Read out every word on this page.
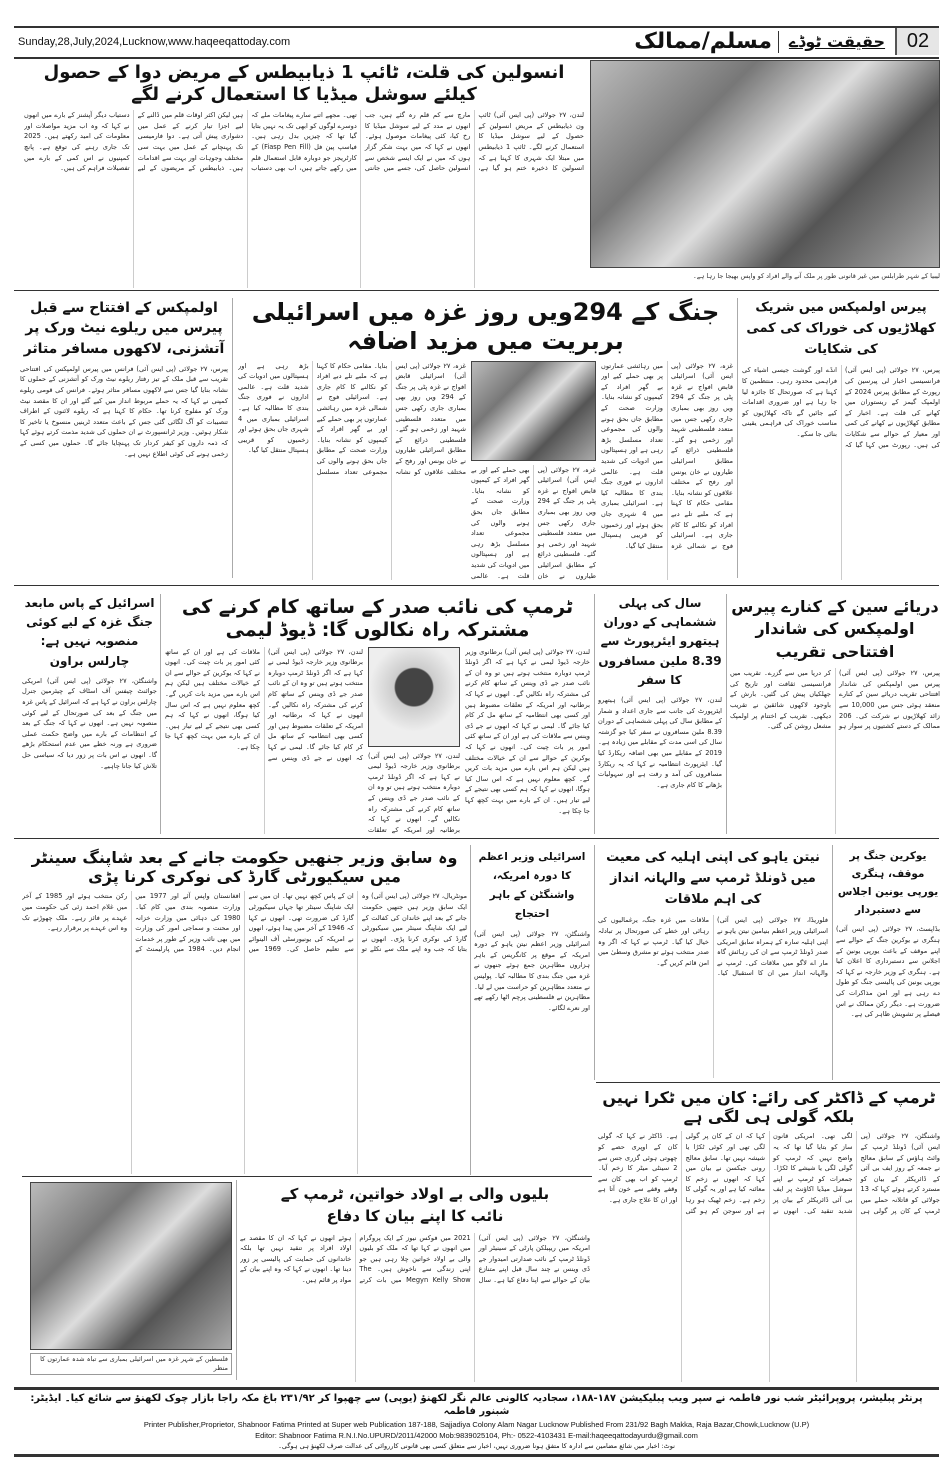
Sunday,28,July,2024,Lucknow,www.haqeeqattoday.com	مسلم/ممالک	حقیقت ٹوڈے	02
انسولین کی قلت، ٹائپ 1 ذیابیطس کے مریض دوا کے حصول کیلئے سوشل میڈیا کا استعمال کرنے لگے
لندن، ۲۷ جولائی (پی ایس آئی) ٹائپ ون ذیابیطس کے مریض انسولین کے حصول کے لیے سوشل میڈیا کا استعمال کرنے لگے۔ ٹائپ 1 ذیابیطس میں مبتلا ایک شہری کا کہنا ہے کہ انسولین کا ذخیرہ ختم ہو گیا ہے، مارچ سے کم قلم رہ گئے ہیں، جب انھوں نے مدد کے لیے سوشل میڈیا کا رخ کیا، کئی پیغامات موصول ہوئے۔ انھوں نے کہا کہ میں بہت شکر گزار ہوں کہ میں نے ایک ایسے شخص سے انسولین حاصل کی، جسے میں جانتی تھی۔ مجھے اتنے سارے پیغامات ملے کہ دوسرے لوگوں کو ابھی تک یہ نہیں بتایا گیا تھا کہ چیزیں بدل رہی ہیں۔ فیاسپ پین فل (Fiasp Pen Fill) کے کارٹریجز جو دوبارہ قابل استعمال قلم میں رکھے جاتے ہیں، اب بھی دستیاب ہیں لیکن اکثر اوقات قلم میں ڈالنے کے لیے اجزا تیار کرنے کے عمل میں دشواری پیش آتی ہے۔ دوا فارمیسی تک پہنچانے کے عمل میں بہت سی مختلف وجوہات اور بہت سے اقدامات ہیں۔ ذیابیطس کے مریضوں کے لیے دستیاب دیگر آپشنز کے بارے میں انھوں نے کہا کہ وہ اب مزید مواصلات اور معلومات کی امید رکھتے ہیں۔ 2025 تک جاری رہنے کی توقع ہے۔ پانچ کمپنیوں نے اس کمی کے بارے میں تفصیلات فراہم کی ہیں۔
لیبیا کے شہر طرابلس میں غیر قانونی طور پر ملک آنے والے افراد کو واپس بھیجا جا رہا ہے۔
اولمپکس کے افتتاح سے قبل پیرس میں ریلوے نیٹ ورک پر آتشزنی، لاکھوں مسافر متاثر
پیرس، ۲۷ جولائی (پی ایس آئی) فرانس میں پیرس اولمپکس کی افتتاحی تقریب سے قبل ملک کے تیز رفتار ریلوے نیٹ ورک کو آتشزنی کے حملوں کا نشانہ بنایا گیا جس سے لاکھوں مسافر متاثر ہوئے۔ فرانس کی قومی ریلوے کمپنی نے کہا کہ یہ حملے مربوط انداز میں کیے گئے اور ان کا مقصد نیٹ ورک کو مفلوج کرنا تھا۔ حکام کا کہنا ہے کہ ریلوے لائنوں کے اطراف تنصیبات کو آگ لگائی گئی جس کے باعث متعدد ٹرینیں منسوخ یا تاخیر کا شکار ہوئیں۔ وزیر ٹرانسپورٹ نے ان حملوں کی شدید مذمت کرتے ہوئے کہا کہ ذمہ داروں کو کیفر کردار تک پہنچایا جائے گا۔ حملوں میں کسی کے زخمی ہونے کی کوئی اطلاع نہیں ہے۔
جنگ کے 294ویں روز غزہ میں اسرائیلی بربریت میں مزید اضافہ
غزہ، ۲۷ جولائی (پی ایس آئی) اسرائیلی قابض افواج نے غزہ پٹی پر جنگ کے 294 ویں روز بھی بمباری جاری رکھی جس میں متعدد فلسطینی شہید اور زخمی ہو گئے۔ فلسطینی ذرائع کے مطابق اسرائیلی طیاروں نے خان یونس اور رفح کے مختلف علاقوں کو نشانہ بنایا۔ مقامی حکام کا کہنا ہے کہ ملبے تلے دبے افراد کو نکالنے کا کام جاری ہے۔ اسرائیلی فوج نے شمالی غزہ میں رہائشی عمارتوں پر بھی حملے کیے اور بے گھر افراد کے کیمپوں کو نشانہ بنایا۔ وزارت صحت کے مطابق جاں بحق ہونے والوں کی مجموعی تعداد مسلسل بڑھ رہی ہے اور ہسپتالوں میں ادویات کی شدید قلت ہے۔ عالمی اداروں نے فوری جنگ بندی کا مطالبہ کیا ہے۔ اسرائیلی بمباری میں 4 شہری جاں بحق ہوئے اور زخمیوں کو قریبی ہسپتال منتقل کیا گیا۔
غزہ، ۲۷ جولائی (پی ایس آئی) اسرائیلی قابض افواج نے غزہ پٹی پر جنگ کے 294 ویں روز بھی بمباری جاری رکھی جس میں متعدد فلسطینی شہید اور زخمی ہو گئے۔ فلسطینی ذرائع کے مطابق اسرائیلی طیاروں نے خان بھی حملے کیے اور بے گھر افراد کے کیمپوں کو نشانہ بنایا۔ وزارت صحت کے مطابق جاں بحق ہونے والوں کی مجموعی تعداد مسلسل بڑھ رہی ہے اور ہسپتالوں میں ادویات کی شدید قلت ہے۔ عالمی
غزہ، ۲۷ جولائی (پی ایس آئی) اسرائیلی قابض افواج نے غزہ پٹی پر جنگ کے 294 ویں روز بھی بمباری جاری رکھی جس میں متعدد فلسطینی شہید اور زخمی ہو گئے۔ فلسطینی ذرائع کے مطابق اسرائیلی طیاروں نے خان یونس اور رفح کے مختلف علاقوں کو نشانہ بنایا۔ مقامی حکام کا کہنا ہے کہ ملبے تلے دبے افراد کو نکالنے کا کام جاری ہے۔ اسرائیلی فوج نے شمالی غزہ میں رہائشی عمارتوں پر بھی حملے کیے اور بے گھر افراد کے کیمپوں کو نشانہ بنایا۔ وزارت صحت کے مطابق جاں بحق ہونے والوں کی مجموعی تعداد مسلسل بڑھ رہی ہے اور ہسپتالوں میں ادویات کی شدید قلت ہے۔ عالمی اداروں نے فوری جنگ بندی کا مطالبہ کیا ہے۔ اسرائیلی بمباری میں 4 شہری جاں بحق ہوئے اور زخمیوں کو قریبی ہسپتال منتقل کیا گیا۔
پیرس اولمپکس میں شریک کھلاڑیوں کی خوراک کی کمی کی شکایات
پیرس، ۲۷ جولائی (پی ایس آئی) فرانسیسی اخبار لی پیرسین کی رپورٹ کے مطابق پیرس 2024 کے اولمپک گیمز کے ریستوران میں کھانے کی قلت ہے۔ اخبار کے مطابق کھلاڑیوں نے کھانے کی کمی اور معیار کے حوالے سے شکایات کی ہیں۔ رپورٹ میں کہا گیا کہ انڈے اور گوشت جیسی اشیاء کی فراہمی محدود رہی۔ منتظمین کا کہنا ہے کہ صورتحال کا جائزہ لیا جا رہا ہے اور ضروری اقدامات کیے جائیں گے تاکہ کھلاڑیوں کو مناسب خوراک کی فراہمی یقینی بنائی جا سکے۔
اسرائیل کے پاس مابعد جنگ غزہ کے لیے کوئی منصوبہ نہیں ہے: چارلس براون
واشنگٹن، ۲۷ جولائی (پی ایس آئی) امریکی جوائنٹ چیفس آف اسٹاف کے چیئرمین جنرل چارلس براون نے کہا ہے کہ اسرائیل کے پاس غزہ میں جنگ کے بعد کی صورتحال کے لیے کوئی منصوبہ نہیں ہے۔ انھوں نے کہا کہ جنگ کے بعد کے انتظامات کے بارے میں واضح حکمت عملی ضروری ہے ورنہ خطے میں عدم استحکام بڑھے گا۔ انھوں نے اس بات پر زور دیا کہ سیاسی حل تلاش کیا جانا چاہیے۔
ٹرمپ کی نائب صدر کے ساتھ کام کرنے کی مشترکہ راہ نکالوں گا: ڈیوڈ لیمی
لندن، ۲۷ جولائی (پی ایس آئی) برطانوی وزیر خارجہ ڈیوڈ لیمی نے کہا ہے کہ اگر ڈونلڈ ٹرمپ دوبارہ منتخب ہوتے ہیں تو وہ ان کے نائب صدر جے ڈی وینس کے ساتھ کام کرنے کی مشترکہ راہ نکالیں گے۔ انھوں نے کہا کہ برطانیہ اور امریکہ کے تعلقات مضبوط ہیں اور کسی بھی انتظامیہ کے ساتھ مل کر کام کیا جائے گا۔ لیمی نے کہا کہ انھوں نے جے ڈی وینس سے ملاقات کی ہے اور ان کے ساتھ کئی امور پر بات چیت کی۔ انھوں نے کہا کہ یوکرین کے حوالے سے ان کے خیالات مختلف ہیں لیکن ہم اس بارے میں مزید بات کریں گے۔ کچھ معلوم نہیں ہے کہ اس سال کیا ہوگا، انھوں نے کہا کہ ہم کسی بھی نتیجے کے لیے تیار ہیں۔ ان کے بارے میں بہت کچھ کہا جا چکا ہے۔
لندن، ۲۷ جولائی (پی ایس آئی) برطانوی وزیر خارجہ ڈیوڈ لیمی نے کہا ہے کہ اگر ڈونلڈ ٹرمپ دوبارہ منتخب ہوتے ہیں تو وہ ان کے نائب صدر جے ڈی وینس کے ساتھ کام کرنے کی مشترکہ راہ نکالیں گے۔ انھوں نے کہا کہ برطانیہ اور امریکہ کے تعلقات
لندن، ۲۷ جولائی (پی ایس آئی) برطانوی وزیر خارجہ ڈیوڈ لیمی نے کہا ہے کہ اگر ڈونلڈ ٹرمپ دوبارہ منتخب ہوتے ہیں تو وہ ان کے نائب صدر جے ڈی وینس کے ساتھ کام کرنے کی مشترکہ راہ نکالیں گے۔ انھوں نے کہا کہ برطانیہ اور امریکہ کے تعلقات مضبوط ہیں اور کسی بھی انتظامیہ کے ساتھ مل کر کام کیا جائے گا۔ لیمی نے کہا کہ انھوں نے جے ڈی وینس سے ملاقات کی ہے اور ان کے ساتھ کئی امور پر بات چیت کی۔ انھوں نے کہا کہ یوکرین کے حوالے سے ان کے خیالات مختلف ہیں لیکن ہم اس بارے میں مزید بات کریں گے۔ کچھ معلوم نہیں ہے کہ اس سال کیا ہوگا، انھوں نے کہا کہ ہم کسی بھی نتیجے کے لیے تیار ہیں۔ ان کے بارے میں بہت کچھ کہا جا چکا ہے۔
سال کی پہلی ششماہی کے دوران ہیتھرو ایئرپورٹ سے 8.39 ملین مسافروں کا سفر
لندن، ۲۷ جولائی (پی ایس آئی) ہیتھرو ایئرپورٹ کی جانب سے جاری اعداد و شمار کے مطابق سال کی پہلی ششماہی کے دوران 8.39 ملین مسافروں نے سفر کیا جو گزشتہ سال کی اسی مدت کے مقابلے میں زیادہ ہے۔ 2019 کے مقابلے میں بھی اضافہ ریکارڈ کیا گیا۔ ایئرپورٹ انتظامیہ نے کہا کہ یہ ریکارڈ مسافروں کی آمد و رفت ہے اور سہولیات بڑھانے کا کام جاری ہے۔
دریائے سین کے کنارے پیرس اولمپکس کی شاندار افتتاحی تقریب
پیرس، ۲۷ جولائی (پی ایس آئی) پیرس میں اولمپکس کی شاندار افتتاحی تقریب دریائے سین کے کنارے منعقد ہوئی جس میں 10,000 سے زائد کھلاڑیوں نے شرکت کی۔ 206 ممالک کے دستے کشتیوں پر سوار ہو کر دریا میں سے گزرے۔ تقریب میں فرانسیسی ثقافت اور تاریخ کی جھلکیاں پیش کی گئیں۔ بارش کے باوجود لاکھوں شائقین نے تقریب دیکھی۔ تقریب کے اختتام پر اولمپک مشعل روشن کی گئی۔
وہ سابق وزیر جنھیں حکومت جانے کے بعد شاپنگ سینٹر میں سیکیورٹی گارڈ کی نوکری کرنا پڑی
مونٹریال، ۲۷ جولائی (پی ایس آئی) وہ ایک سابق وزیر ہیں جنھیں حکومت جانے کے بعد اپنے خاندان کی کفالت کے لیے ایک شاپنگ سینٹر میں سیکیورٹی گارڈ کی نوکری کرنا پڑی۔ انھوں نے بتایا کہ جب وہ اپنے ملک سے نکلے تو ان کے پاس کچھ نہیں تھا۔ ان میں سے ایک شاپنگ سینٹر تھا جہاں سیکیورٹی گارڈ کی ضرورت تھی۔ انھوں نے کہا کہ 1946 کے آخر میں پیدا ہوئے، انھوں نے امریکہ کی یونیورسٹی آف الینوائے سے تعلیم حاصل کی۔ 1969 میں افغانستان واپس آئے اور 1977 میں وزارت منصوبہ بندی میں کام کیا۔ 1980 کی دہائی میں وزارت خزانہ اور محنت و سماجی امور کی وزارت میں بھی نائب وزیر کے طور پر خدمات انجام دیں۔ 1984 میں پارلیمنٹ کے رکن منتخب ہوئے اور 1985 کے آخر میں غلام احمد زئی کی حکومت میں عہدے پر فائز رہے۔ ملک چھوڑنے تک وہ اس عہدے پر برقرار رہے۔
اسرائیلی وزیر اعظم کا دورہ امریکہ، واشنگٹن کے باہر احتجاج
واشنگٹن، ۲۷ جولائی (پی ایس آئی) اسرائیلی وزیر اعظم نیتن یاہو کے دورہ امریکہ کے موقع پر کانگریس کے باہر ہزاروں مظاہرین جمع ہوئے جنھوں نے غزہ میں جنگ بندی کا مطالبہ کیا۔ پولیس نے متعدد مظاہرین کو حراست میں لے لیا۔ مظاہرین نے فلسطینی پرچم اٹھا رکھے تھے اور نعرے لگائے۔
نیتن یاہو کی اپنی اہلیہ کی معیت میں ڈونلڈ ٹرمپ سے والہانہ انداز کی اہم ملاقات
فلوریڈا، ۲۷ جولائی (پی ایس آئی) اسرائیلی وزیر اعظم بنیامین نیتن یاہو نے اپنی اہلیہ سارہ کے ہمراہ سابق امریکی صدر ڈونلڈ ٹرمپ سے ان کی رہائش گاہ مار اے لاگو میں ملاقات کی۔ ٹرمپ نے والہانہ انداز میں ان کا استقبال کیا۔ ملاقات میں غزہ جنگ، یرغمالیوں کی رہائی اور خطے کی صورتحال پر تبادلہ خیال کیا گیا۔ ٹرمپ نے کہا کہ اگر وہ صدر منتخب ہوئے تو مشرق وسطیٰ میں امن قائم کریں گے۔
یوکرین جنگ پر موقف، ہنگری یورپی یونین اجلاس سے دستبردار
بڈاپسٹ، ۲۷ جولائی (پی ایس آئی) ہنگری نے یوکرین جنگ کے حوالے سے اپنے موقف کے باعث یورپی یونین کے اجلاس سے دستبرداری کا اعلان کیا ہے۔ ہنگری کے وزیر خارجہ نے کہا کہ یورپی یونین کی پالیسی جنگ کو طول دے رہی ہے اور امن مذاکرات کی ضرورت ہے۔ دیگر رکن ممالک نے اس فیصلے پر تشویش ظاہر کی ہے۔
ٹرمپ کے ڈاکٹر کی رائے: کان میں ٹکرا نہیں بلکہ گولی ہی لگی ہے
واشنگٹن، ۲۷ جولائی (پی ایس آئی) ڈونلڈ ٹرمپ کے وائٹ ہاؤس کے سابق معالج نے جمعہ کے روز ایف بی آئی کے ڈائریکٹر کے بیان کو مسترد کرتے ہوئے کہا کہ 13 جولائی کو قاتلانہ حملے میں ٹرمپ کے کان پر گولی ہی لگی تھی۔ امریکی قانون ساز کو بتایا گیا تھا کہ یہ واضح نہیں کہ ٹرمپ کو گولی لگی یا شیشے کا ٹکڑا۔ جمعرات کو ٹرمپ نے اپنے سوشل میڈیا اکاؤنٹ پر ایف بی آئی ڈائریکٹر کے بیان پر شدید تنقید کی۔ انھوں نے کہا کہ ان کے کان پر گولی لگی تھی اور کوئی ٹکڑا یا شیشہ نہیں تھا۔ سابق معالج رونی جیکسن نے بیان میں کہا کہ انھوں نے زخم کا معائنہ کیا ہے اور یہ گولی کا زخم ہے۔ زخم ٹھیک ہو رہا ہے اور سوجن کم ہو گئی ہے۔ ڈاکٹر نے کہا کہ گولی کان کے اوپری حصے کو چھوتی ہوئی گزری جس سے 2 سینٹی میٹر کا زخم آیا۔ ٹرمپ کو اب بھی کان سے وقفے وقفے سے خون آتا ہے اور ان کا علاج جاری ہے۔
فلسطین کے شہر غزہ میں اسرائیلی بمباری سے تباہ شدہ عمارتوں کا منظر
بلیوں والی بے اولاد خواتین، ٹرمپ کے نائب کا اپنے بیان کا دفاع
واشنگٹن، ۲۷ جولائی (پی ایس آئی) امریکہ میں ریپبلکن پارٹی کے سینیٹر اور ڈونلڈ ٹرمپ کے نائب صدارتی امیدوار جے ڈی وینس نے چند سال قبل اپنے متنازع بیان کے حوالے سے اپنا دفاع کیا ہے۔ سال 2021 میں فوکس نیوز کے ایک پروگرام میں انھوں نے کہا تھا کہ ملک کو بلیوں والی بے اولاد خواتین چلا رہی ہیں جو اپنی زندگی سے ناخوش ہیں۔ The Megyn Kelly Show میں بات کرتے ہوئے انھوں نے کہا کہ ان کا مقصد بے اولاد افراد پر تنقید نہیں تھا بلکہ خاندانوں کی حمایت کی پالیسی پر زور دینا تھا۔ انھوں نے کہا کہ وہ اپنے بیان کے مواد پر قائم ہیں۔
پرنٹر پبلیشر، پروپرائیٹر شب نور فاطمہ نے سپر ویب پبلیکیشن ۱۸۷-۱۸۸، سجادیہ کالونی عالم نگر لکھنؤ (یوپی) سے چھپوا کر ۲۳۱/۹۲ باغ مکہ راجا بازار چوک لکھنؤ سے شائع کیا۔ ایڈیٹر: شبنور فاطمہ
Printer Publisher,Proprietor, Shabnoor Fatima Printed at Super web Publication 187-188, Sajjadiya Colony Alam Nagar Lucknow Published From 231/92 Bagh Makka, Raja Bazar,Chowk,Lucknow (U.P)
Editor: Shabnoor Fatima R.N.I.No.UPURD/2011/42000 Mob:9839025104, Ph:- 0522-4103431 E-mail:haqeeqattodayurdu@gmail.com
نوٹ: اخبار میں شائع مضامین سے ادارہ کا متفق ہونا ضروری نہیں، اخبار سے متعلق کسی بھی قانونی کارروائی کی عدالت صرف لکھنؤ ہی ہوگی۔
